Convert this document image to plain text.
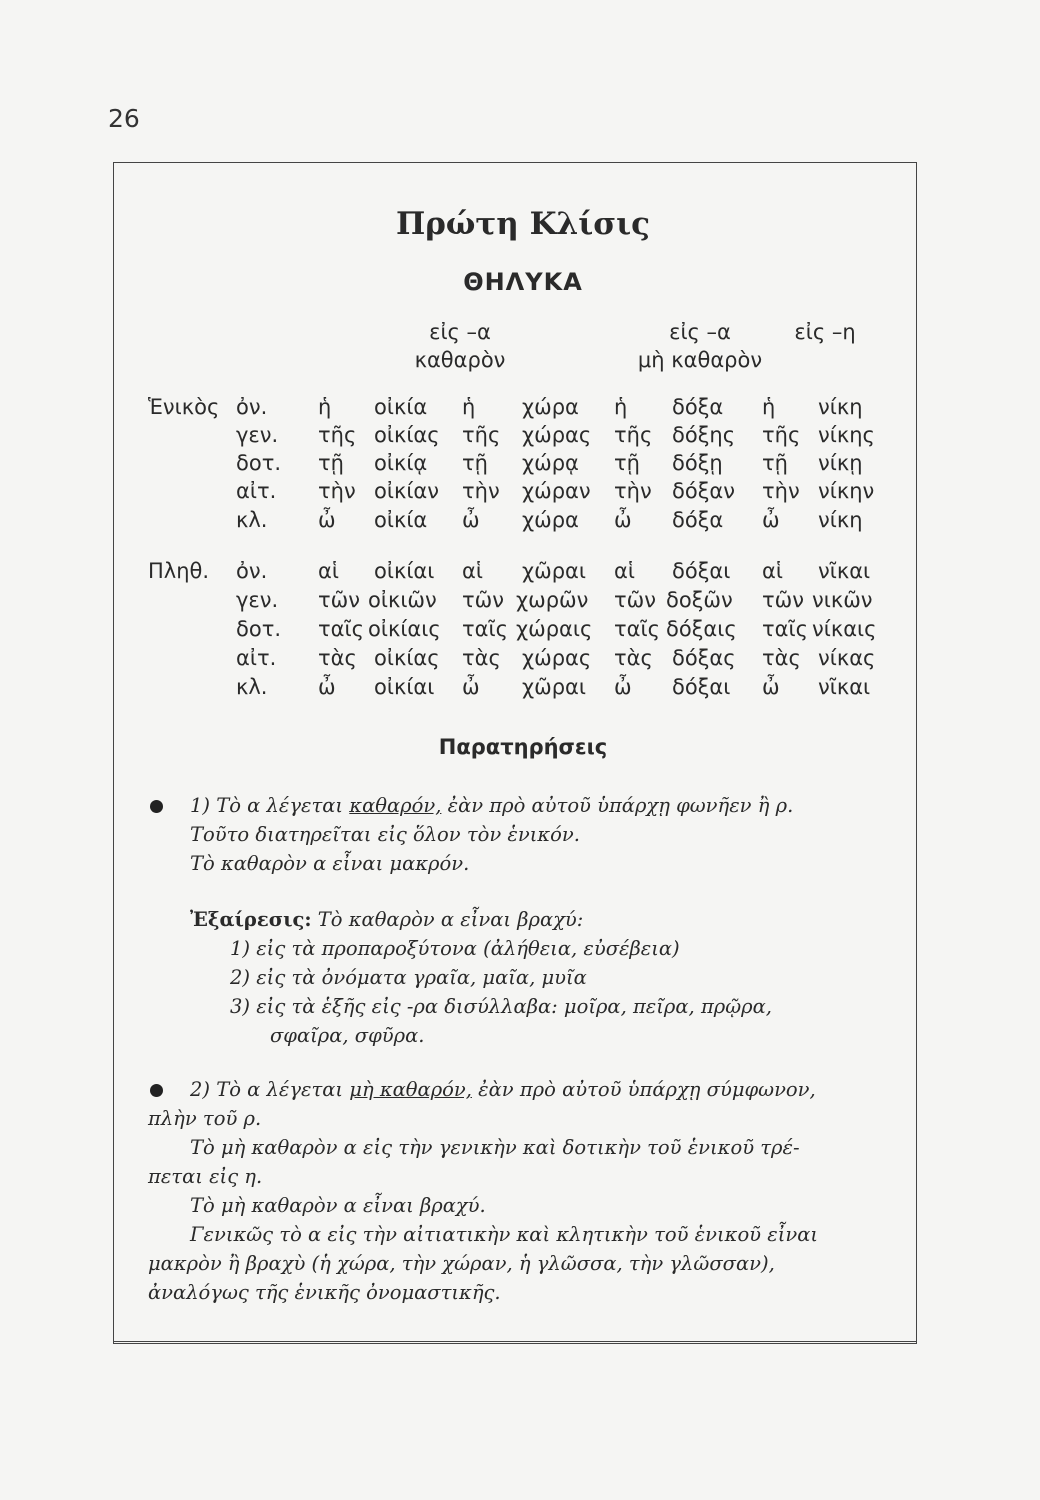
26
Πρώτη Κλίσις
ΘΗΛΥΚΑ
εἰς –α
καθαρὸν
εἰς –α
μὴ καθαρὸν
εἰς –η
Ἑνικὸς ὀν. ἡ οἰκία ἡ χώρα ἡ δόξα ἡ νίκη
γεν. τῆς οἰκίας τῆς χώρας τῆς δόξης τῆς νίκης
δοτ. τῇ οἰκίᾳ τῇ χώρᾳ τῇ δόξῃ τῇ νίκῃ
αἰτ. τὴν οἰκίαν τὴν χώραν τὴν δόξαν τὴν νίκην
κλ. ὦ οἰκία ὦ χώρα ὦ δόξα ὦ νίκη
Πληθ. ὀν. αἱ οἰκίαι αἱ χῶραι αἱ δόξαι αἱ νῖκαι
γεν. τῶν οἰκιῶν τῶν χωρῶν τῶν δοξῶν τῶν νικῶν
δοτ. ταῖς οἰκίαις ταῖς χώραις ταῖς δόξαις ταῖς νίκαις
αἰτ. τὰς οἰκίας τὰς χώρας τὰς δόξας τὰς νίκας
κλ. ὦ οἰκίαι ὦ χῶραι ὦ δόξαι ὦ νῖκαι
Παρατηρήσεις
1) Τὸ α λέγεται καθαρόν, ἐὰν πρὸ αὐτοῦ ὑπάρχῃ φωνῆεν ἢ ρ.
Τοῦτο διατηρεῖται εἰς ὅλον τὸν ἑνικόν.
Τὸ καθαρὸν α εἶναι μακρόν.
Ἐξαίρεσις: Τὸ καθαρὸν α εἶναι βραχύ:
1) εἰς τὰ προπαροξύτονα (ἀλήθεια, εὐσέβεια)
2) εἰς τὰ ὀνόματα γραῖα, μαῖα, μυῖα
3) εἰς τὰ ἑξῆς εἰς -ρα δισύλλαβα: μοῖρα, πεῖρα, πρῷρα,
σφαῖρα, σφῦρα.
2) Τὸ α λέγεται μὴ καθαρόν, ἐὰν πρὸ αὐτοῦ ὑπάρχῃ σύμφωνον,
πλὴν τοῦ ρ.
Τὸ μὴ καθαρὸν α εἰς τὴν γενικὴν καὶ δοτικὴν τοῦ ἑνικοῦ τρέ-
πεται εἰς η.
Τὸ μὴ καθαρὸν α εἶναι βραχύ.
Γενικῶς τὸ α εἰς τὴν αἰτιατικὴν καὶ κλητικὴν τοῦ ἑνικοῦ εἶναι
μακρὸν ἢ βραχὺ (ἡ χώρα, τὴν χώραν, ἡ γλῶσσα, τὴν γλῶσσαν),
ἀναλόγως τῆς ἑνικῆς ὀνομαστικῆς.
